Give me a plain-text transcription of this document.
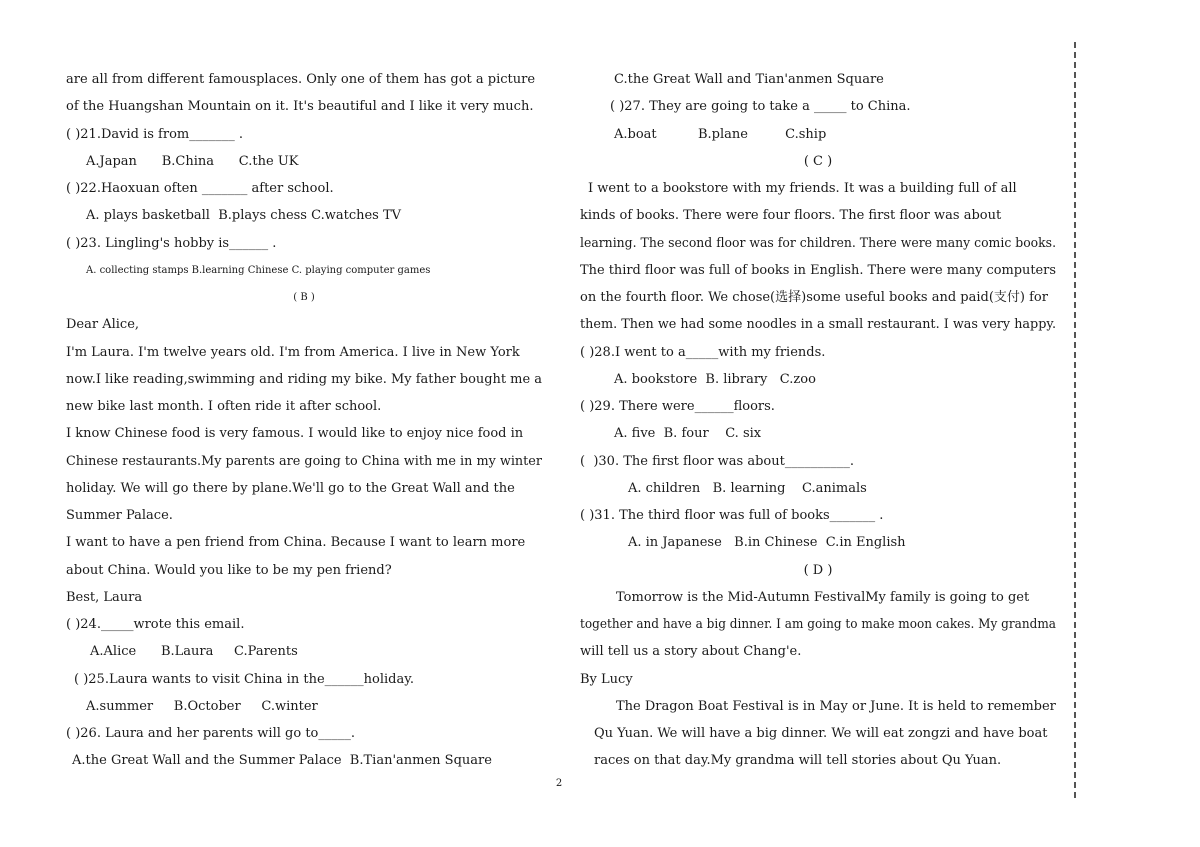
are all from different famousplaces. Only one of them has got a picture
of the Huangshan Mountain on it. It's beautiful and I like it very much.
( )21.David is from_______ .
A.Japan      B.China      C.the UK
( )22.Haoxuan often _______ after school.
A. plays basketball  B.plays chess C.watches TV
( )23. Lingling's hobby is______ .
A. collecting stamps B.learning Chinese C. playing computer games
( B )
Dear Alice,
I'm Laura. I'm twelve years old. I'm from America. I live in New York
now.I like reading,swimming and riding my bike. My father bought me a
new bike last month. I often ride it after school.
I know Chinese food is very famous. I would like to enjoy nice food in
Chinese restaurants.My parents are going to China with me in my winter
holiday. We will go there by plane.We'll go to the Great Wall and the
Summer Palace.
I want to have a pen friend from China. Because I want to learn more
about China. Would you like to be my pen friend?
Best, Laura
( )24._____wrote this email.
A.Alice      B.Laura     C.Parents
( )25.Laura wants to visit China in the______holiday.
A.summer     B.October     C.winter
( )26. Laura and her parents will go to_____.
A.the Great Wall and the Summer Palace  B.Tian'anmen Square
C.the Great Wall and Tian'anmen Square
( )27. They are going to take a _____ to China.
A.boat          B.plane         C.ship
( C )
I went to a bookstore with my friends. It was a building full of all
kinds of books. There were four floors. The first floor was about
learning. The second floor was for children. There were many comic books.
The third floor was full of books in English. There were many computers
on the fourth floor. We chose(选择)some useful books and paid(支付) for
them. Then we had some noodles in a small restaurant. I was very happy.
( )28.I went to a_____with my friends.
A. bookstore  B. library   C.zoo
( )29. There were______floors.
A. five  B. four    C. six
(  )30. The first floor was about__________.
A. children   B. learning    C.animals
( )31. The third floor was full of books_______ .
A. in Japanese   B.in Chinese  C.in English
( D )
Tomorrow is the Mid-Autumn FestivalMy family is going to get
together and have a big dinner. I am going to make moon cakes. My grandma
will tell us a story about Chang'e.
By Lucy
The Dragon Boat Festival is in May or June. It is held to remember
Qu Yuan. We will have a big dinner. We will eat zongzi and have boat
races on that day.My grandma will tell stories about Qu Yuan.
2
